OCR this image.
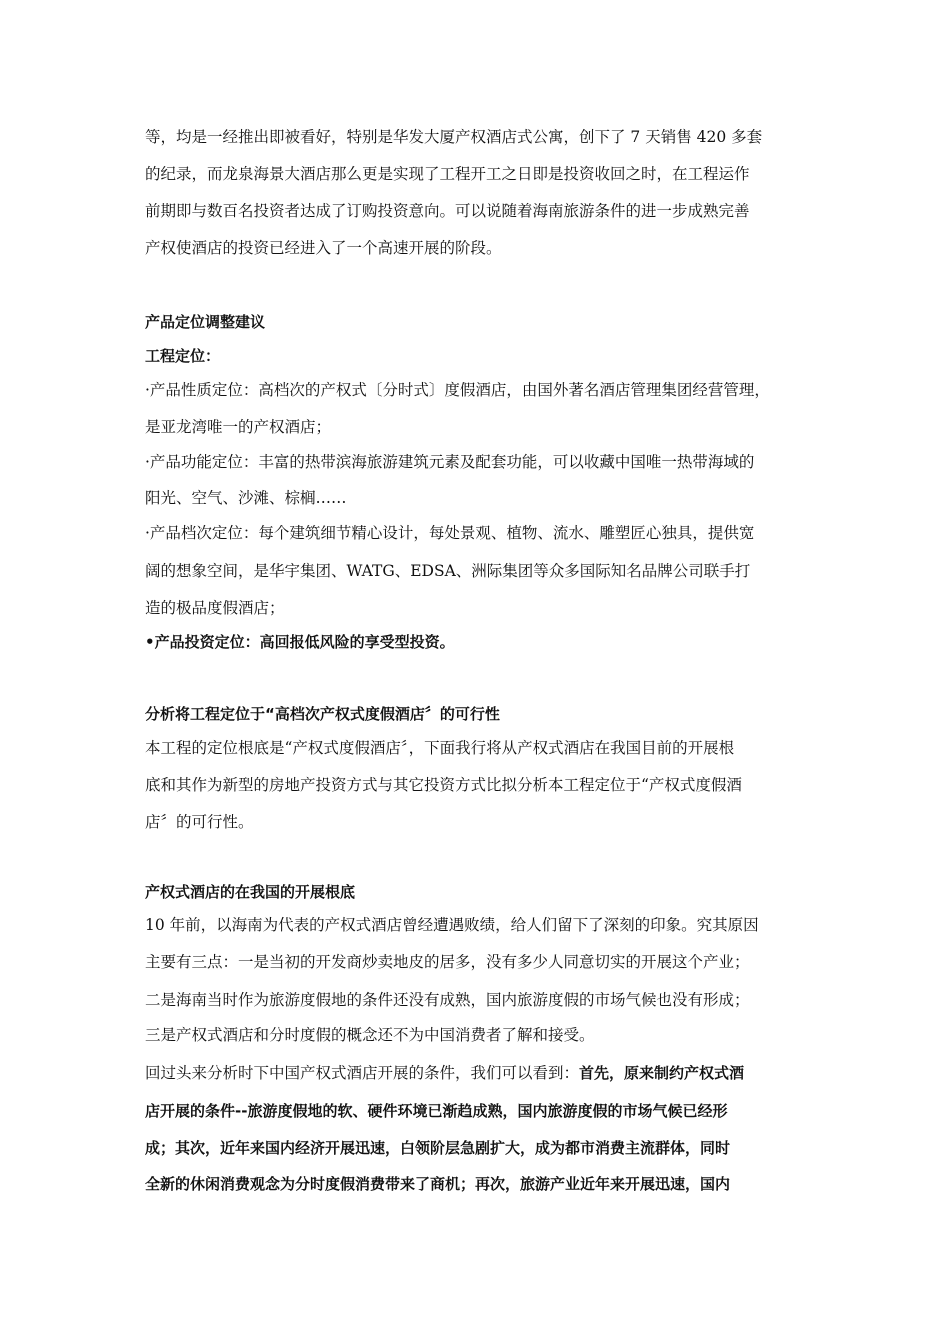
等，均是一经推出即被看好，特别是华发大厦产权酒店式公寓，创下了 7 天销售 420 多套
的纪录，而龙泉海景大酒店那么更是实现了工程开工之日即是投资收回之时，在工程运作
前期即与数百名投资者达成了订购投资意向。可以说随着海南旅游条件的进一步成熟完善
产权使酒店的投资已经进入了一个高速开展的阶段。
产品定位调整建议
工程定位：
·产品性质定位：高档次的产权式〔分时式〕度假酒店，由国外著名酒店管理集团经营管理，
是亚龙湾唯一的产权酒店；
·产品功能定位：丰富的热带滨海旅游建筑元素及配套功能，可以收藏中国唯一热带海域的
阳光、空气、沙滩、棕榈……
·产品档次定位：每个建筑细节精心设计，每处景观、植物、流水、雕塑匠心独具，提供宽
阔的想象空间，是华宇集团、WATG、EDSA、洲际集团等众多国际知名品牌公司联手打
造的极品度假酒店；
•产品投资定位：高回报低风险的享受型投资。
分析将工程定位于“高档次产权式度假酒店〞的可行性
本工程的定位根底是“产权式度假酒店〞，下面我行将从产权式酒店在我国目前的开展根
底和其作为新型的房地产投资方式与其它投资方式比拟分析本工程定位于“产权式度假酒
店〞的可行性。
产权式酒店的在我国的开展根底
10 年前，以海南为代表的产权式酒店曾经遭遇败绩，给人们留下了深刻的印象。究其原因
主要有三点：一是当初的开发商炒卖地皮的居多，没有多少人同意切实的开展这个产业；
二是海南当时作为旅游度假地的条件还没有成熟，国内旅游度假的市场气候也没有形成；
三是产权式酒店和分时度假的概念还不为中国消费者了解和接受。
回过头来分析时下中国产权式酒店开展的条件，我们可以看到：首先，原来制约产权式酒
店开展的条件--旅游度假地的软、硬件环境已渐趋成熟，国内旅游度假的市场气候已经形
成；其次，近年来国内经济开展迅速，白领阶层急剧扩大，成为都市消费主流群体，同时
全新的休闲消费观念为分时度假消费带来了商机；再次，旅游产业近年来开展迅速，国内
